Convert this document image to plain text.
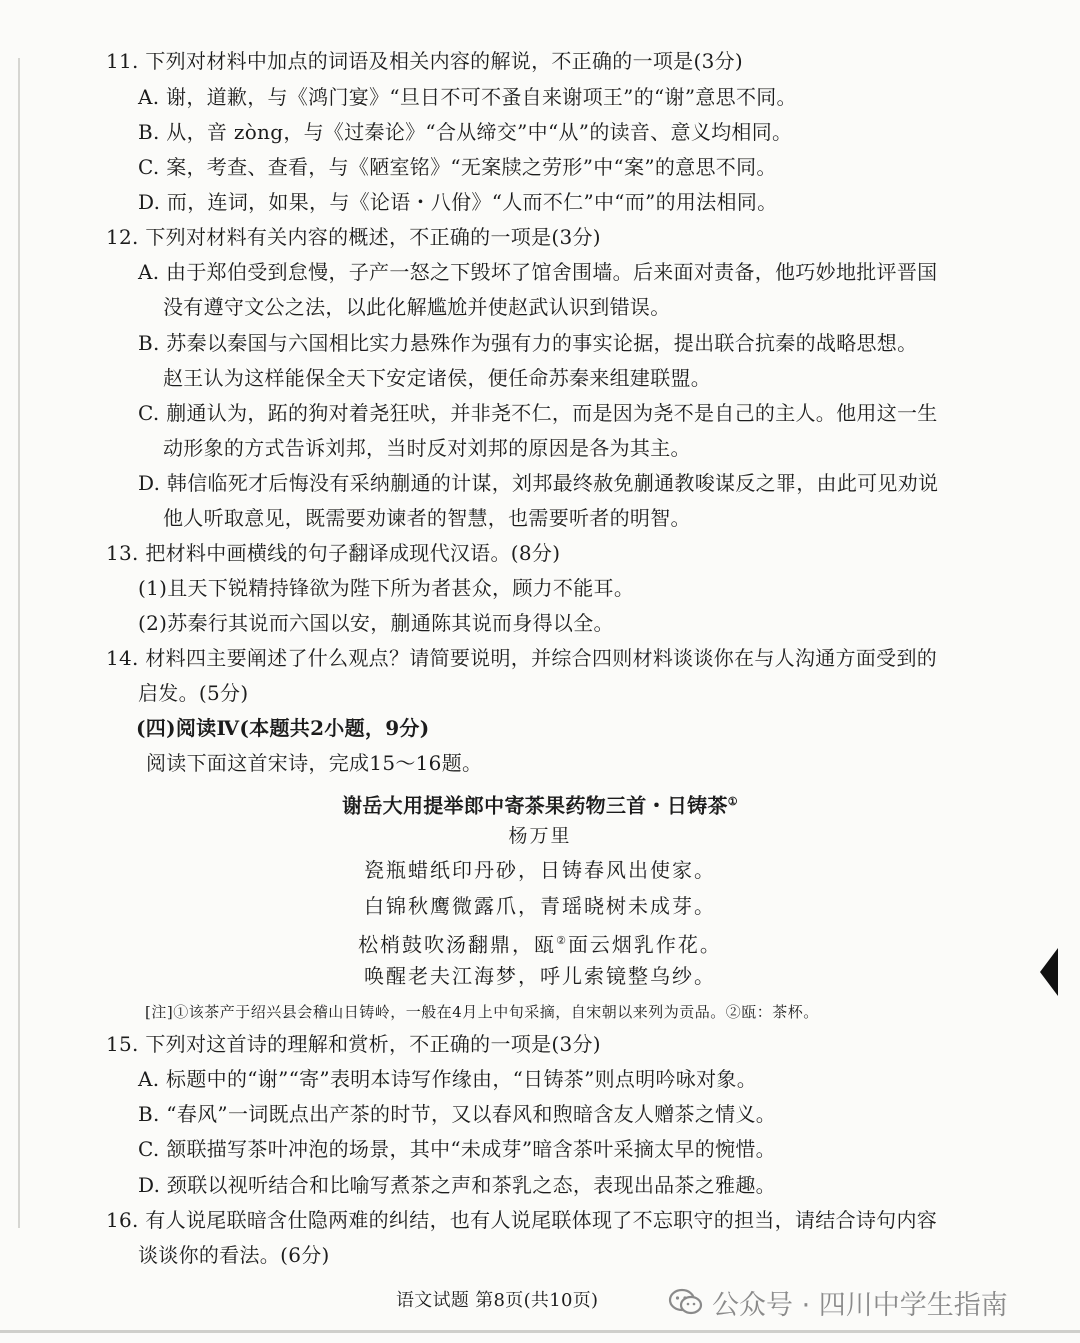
11. 下列对材料中加点的词语及相关内容的解说，不正确的一项是(3分)
A. 谢，道歉，与《鸿门宴》“旦日不可不蚤自来谢项王”的“谢”意思不同。
B. 从，音 zòng，与《过秦论》“合从缔交”中“从”的读音、意义均相同。
C. 案，考查、查看，与《陋室铭》“无案牍之劳形”中“案”的意思不同。
D. 而，连词，如果，与《论语・八佾》“人而不仁”中“而”的用法相同。
12. 下列对材料有关内容的概述，不正确的一项是(3分)
A. 由于郑伯受到怠慢，子产一怒之下毁坏了馆舍围墙。后来面对责备，他巧妙地批评晋国
没有遵守文公之法，以此化解尴尬并使赵武认识到错误。
B. 苏秦以秦国与六国相比实力悬殊作为强有力的事实论据，提出联合抗秦的战略思想。
赵王认为这样能保全天下安定诸侯，便任命苏秦来组建联盟。
C. 蒯通认为，跖的狗对着尧狂吠，并非尧不仁，而是因为尧不是自己的主人。他用这一生
动形象的方式告诉刘邦，当时反对刘邦的原因是各为其主。
D. 韩信临死才后悔没有采纳蒯通的计谋，刘邦最终赦免蒯通教唆谋反之罪，由此可见劝说
他人听取意见，既需要劝谏者的智慧，也需要听者的明智。
13. 把材料中画横线的句子翻译成现代汉语。(8分)
(1)且天下锐精持锋欲为陛下所为者甚众，顾力不能耳。
(2)苏秦行其说而六国以安，蒯通陈其说而身得以全。
14. 材料四主要阐述了什么观点？请简要说明，并综合四则材料谈谈你在与人沟通方面受到的
启发。(5分)
(四)阅读Ⅳ(本题共2小题，9分)
阅读下面这首宋诗，完成15～16题。
谢岳大用提举郎中寄茶果药物三首・日铸茶①
杨万里
瓷瓶蜡纸印丹砂，日铸春风出使家。
白锦秋鹰微露爪，青瑶晓树未成芽。
松梢鼓吹汤翻鼎，瓯②面云烟乳作花。
唤醒老夫江海梦，呼儿索镜整乌纱。
[注]①该茶产于绍兴县会稽山日铸岭，一般在4月上中旬采摘，自宋朝以来列为贡品。②瓯：茶杯。
15. 下列对这首诗的理解和赏析，不正确的一项是(3分)
A. 标题中的“谢”“寄”表明本诗写作缘由，“日铸茶”则点明吟咏对象。
B. “春风”一词既点出产茶的时节，又以春风和煦暗含友人赠茶之情义。
C. 颔联描写茶叶冲泡的场景，其中“未成芽”暗含茶叶采摘太早的惋惜。
D. 颈联以视听结合和比喻写煮茶之声和茶乳之态，表现出品茶之雅趣。
16. 有人说尾联暗含仕隐两难的纠结，也有人说尾联体现了不忘职守的担当，请结合诗句内容
谈谈你的看法。(6分)
语文试题 第8页(共10页)	公众号 · 四川中学生指南
